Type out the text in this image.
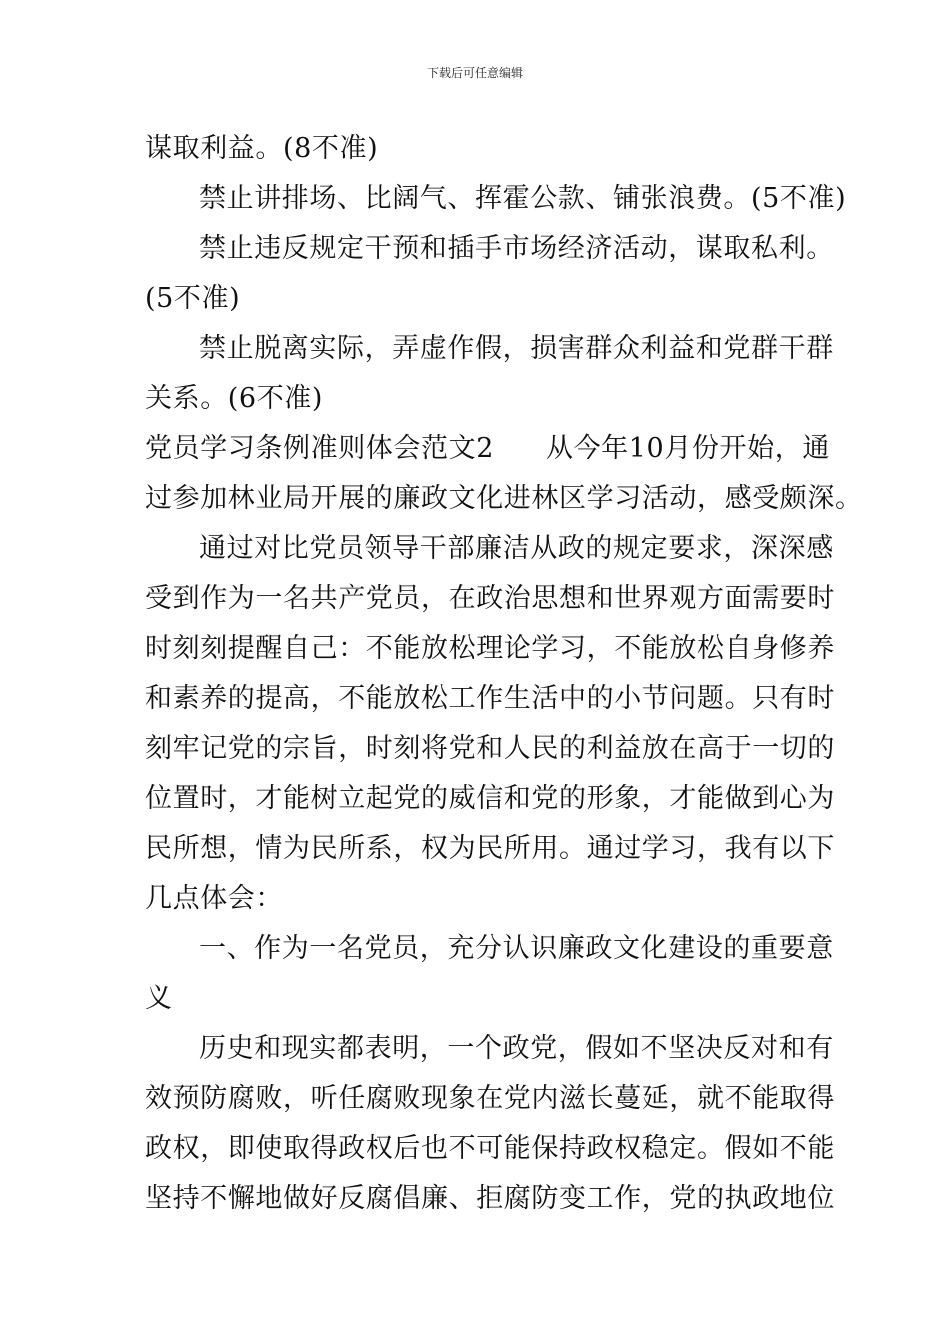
下载后可任意编辑
谋取利益。(8不准)
禁止讲排场、比阔气、挥霍公款、铺张浪费。(5不准)
禁止违反规定干预和插手市场经济活动，谋取私利。
(5不准)
禁止脱离实际，弄虚作假，损害群众利益和党群干群
关系。(6不准)
党员学习条例准则体会范文2 从今年10月份开始，通
过参加林业局开展的廉政文化进林区学习活动，感受颇深。
通过对比党员领导干部廉洁从政的规定要求，深深感
受到作为一名共产党员，在政治思想和世界观方面需要时
时刻刻提醒自己：不能放松理论学习，不能放松自身修养
和素养的提高，不能放松工作生活中的小节问题。只有时
刻牢记党的宗旨，时刻将党和人民的利益放在高于一切的
位置时，才能树立起党的威信和党的形象，才能做到心为
民所想，情为民所系，权为民所用。通过学习，我有以下
几点体会：
一、作为一名党员，充分认识廉政文化建设的重要意
义
历史和现实都表明，一个政党，假如不坚决反对和有
效预防腐败，听任腐败现象在党内滋长蔓延，就不能取得
政权，即使取得政权后也不可能保持政权稳定。假如不能
坚持不懈地做好反腐倡廉、拒腐防变工作，党的执政地位
